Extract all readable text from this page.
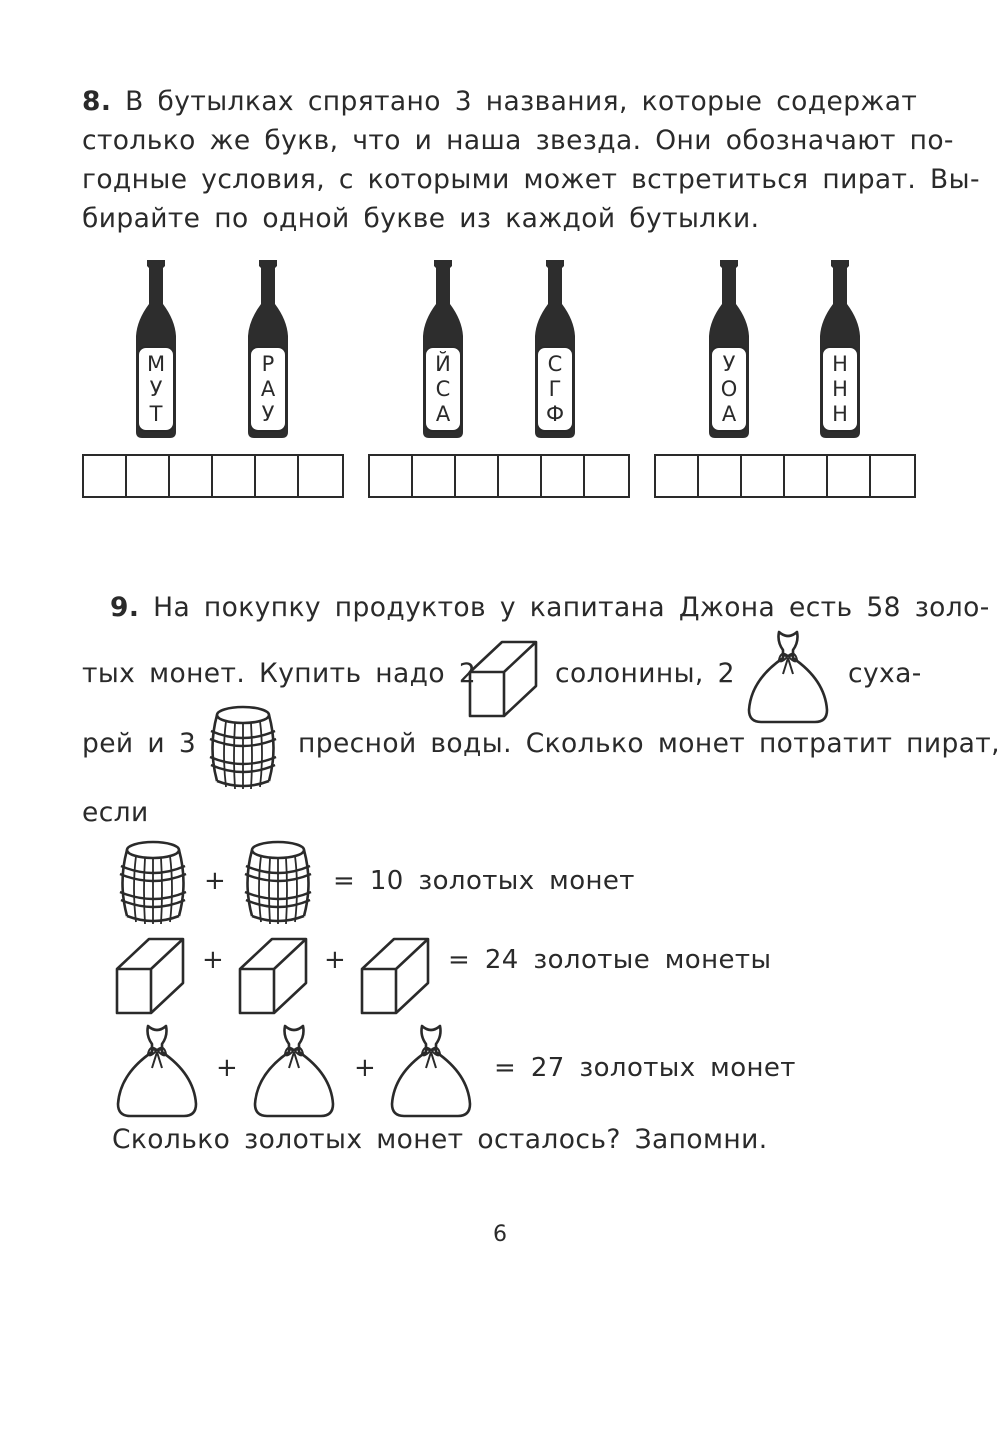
8. В бутылках спрятано 3 названия, которые содержат
столько же букв, что и наша звезда. Они обозначают по-
годные условия, с которыми может встретиться пират. Вы-
бирайте по одной букве из каждой бутылки.
М
У
Т
Р
А
У
Й
С
А
С
Г
Ф
У
О
А
Н
Н
Н
9. На покупку продуктов у капитана Джона есть 58 золо-
тых монет. Купить надо 2	солонины, 2	суха-
рей и 3	пресной воды. Сколько монет потратит пират,
если
+	= 10 золотых монет
+	+	= 24 золотые монеты
+	+	= 27 золотых монет
Сколько золотых монет осталось? Запомни.
6
